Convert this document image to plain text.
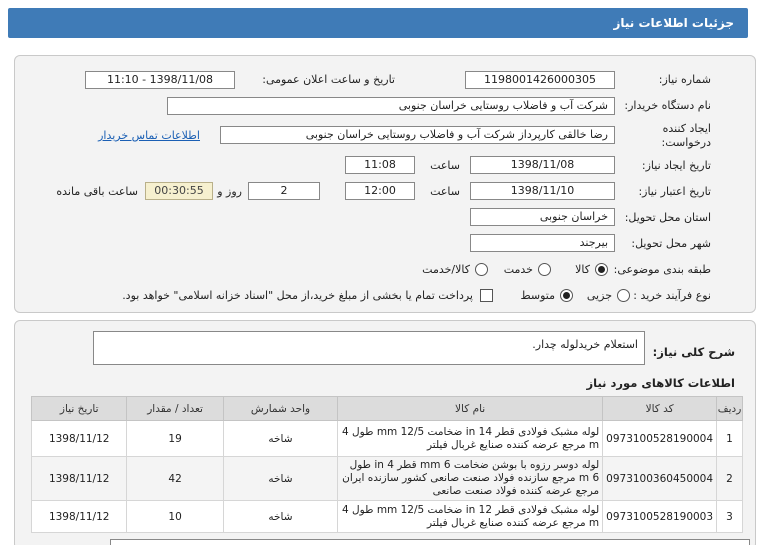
جزئیات اطلاعات نیاز
شماره نیاز:
1198001426000305
تاریخ و ساعت اعلان عمومی:
1398/11/08 - 11:10
نام دستگاه خریدار:
شرکت آب و فاضلاب روستایی خراسان جنوبی
ایجاد کننده
درخواست:
رضا خالقی کارپرداز شرکت آب و فاضلاب روستایی خراسان جنوبی
اطلاعات تماس خریدار
تاریخ ایجاد نیاز:
1398/11/08
ساعت
11:08
تاریخ اعتبار نیاز:
1398/11/10
ساعت
12:00
2
روز و
00:30:55
ساعت باقی مانده
استان محل تحویل:
خراسان جنوبی
شهر محل تحویل:
بیرجند
طبقه بندی موضوعی:
کالا
خدمت
کالا/خدمت
نوع فرآیند خرید :
جزیی
متوسط
پرداخت تمام یا بخشی از مبلغ خرید،از محل "اسناد خزانه اسلامی" خواهد بود.
شرح کلی نیاز:
استعلام خریدلوله چدار.
اطلاعات کالاهای مورد نیاز
ردیف	کد کالا	نام کالا	واحد شمارش	تعداد / مقدار	تاریخ نیاز
1	0973100528190004	لوله مشبک فولادی قطر 14 in ضخامت 12/5 mm طول 4 m مرجع عرضه کننده صنایع غربال فیلتر	شاخه	19	1398/11/12
2	0973100360450004	لوله دوسر رزوه با بوشن ضخامت 6 mm قطر 4 in طول 6 m مرجع سازنده فولاد صنعت صانعی کشور سازنده ایران مرجع عرضه کننده فولاد صنعت صانعی	شاخه	42	1398/11/12
3	0973100528190003	لوله مشبک فولادی قطر 12 in ضخامت 12/5 mm طول 4 m مرجع عرضه کننده صنایع غربال فیلتر	شاخه	10	1398/11/12
